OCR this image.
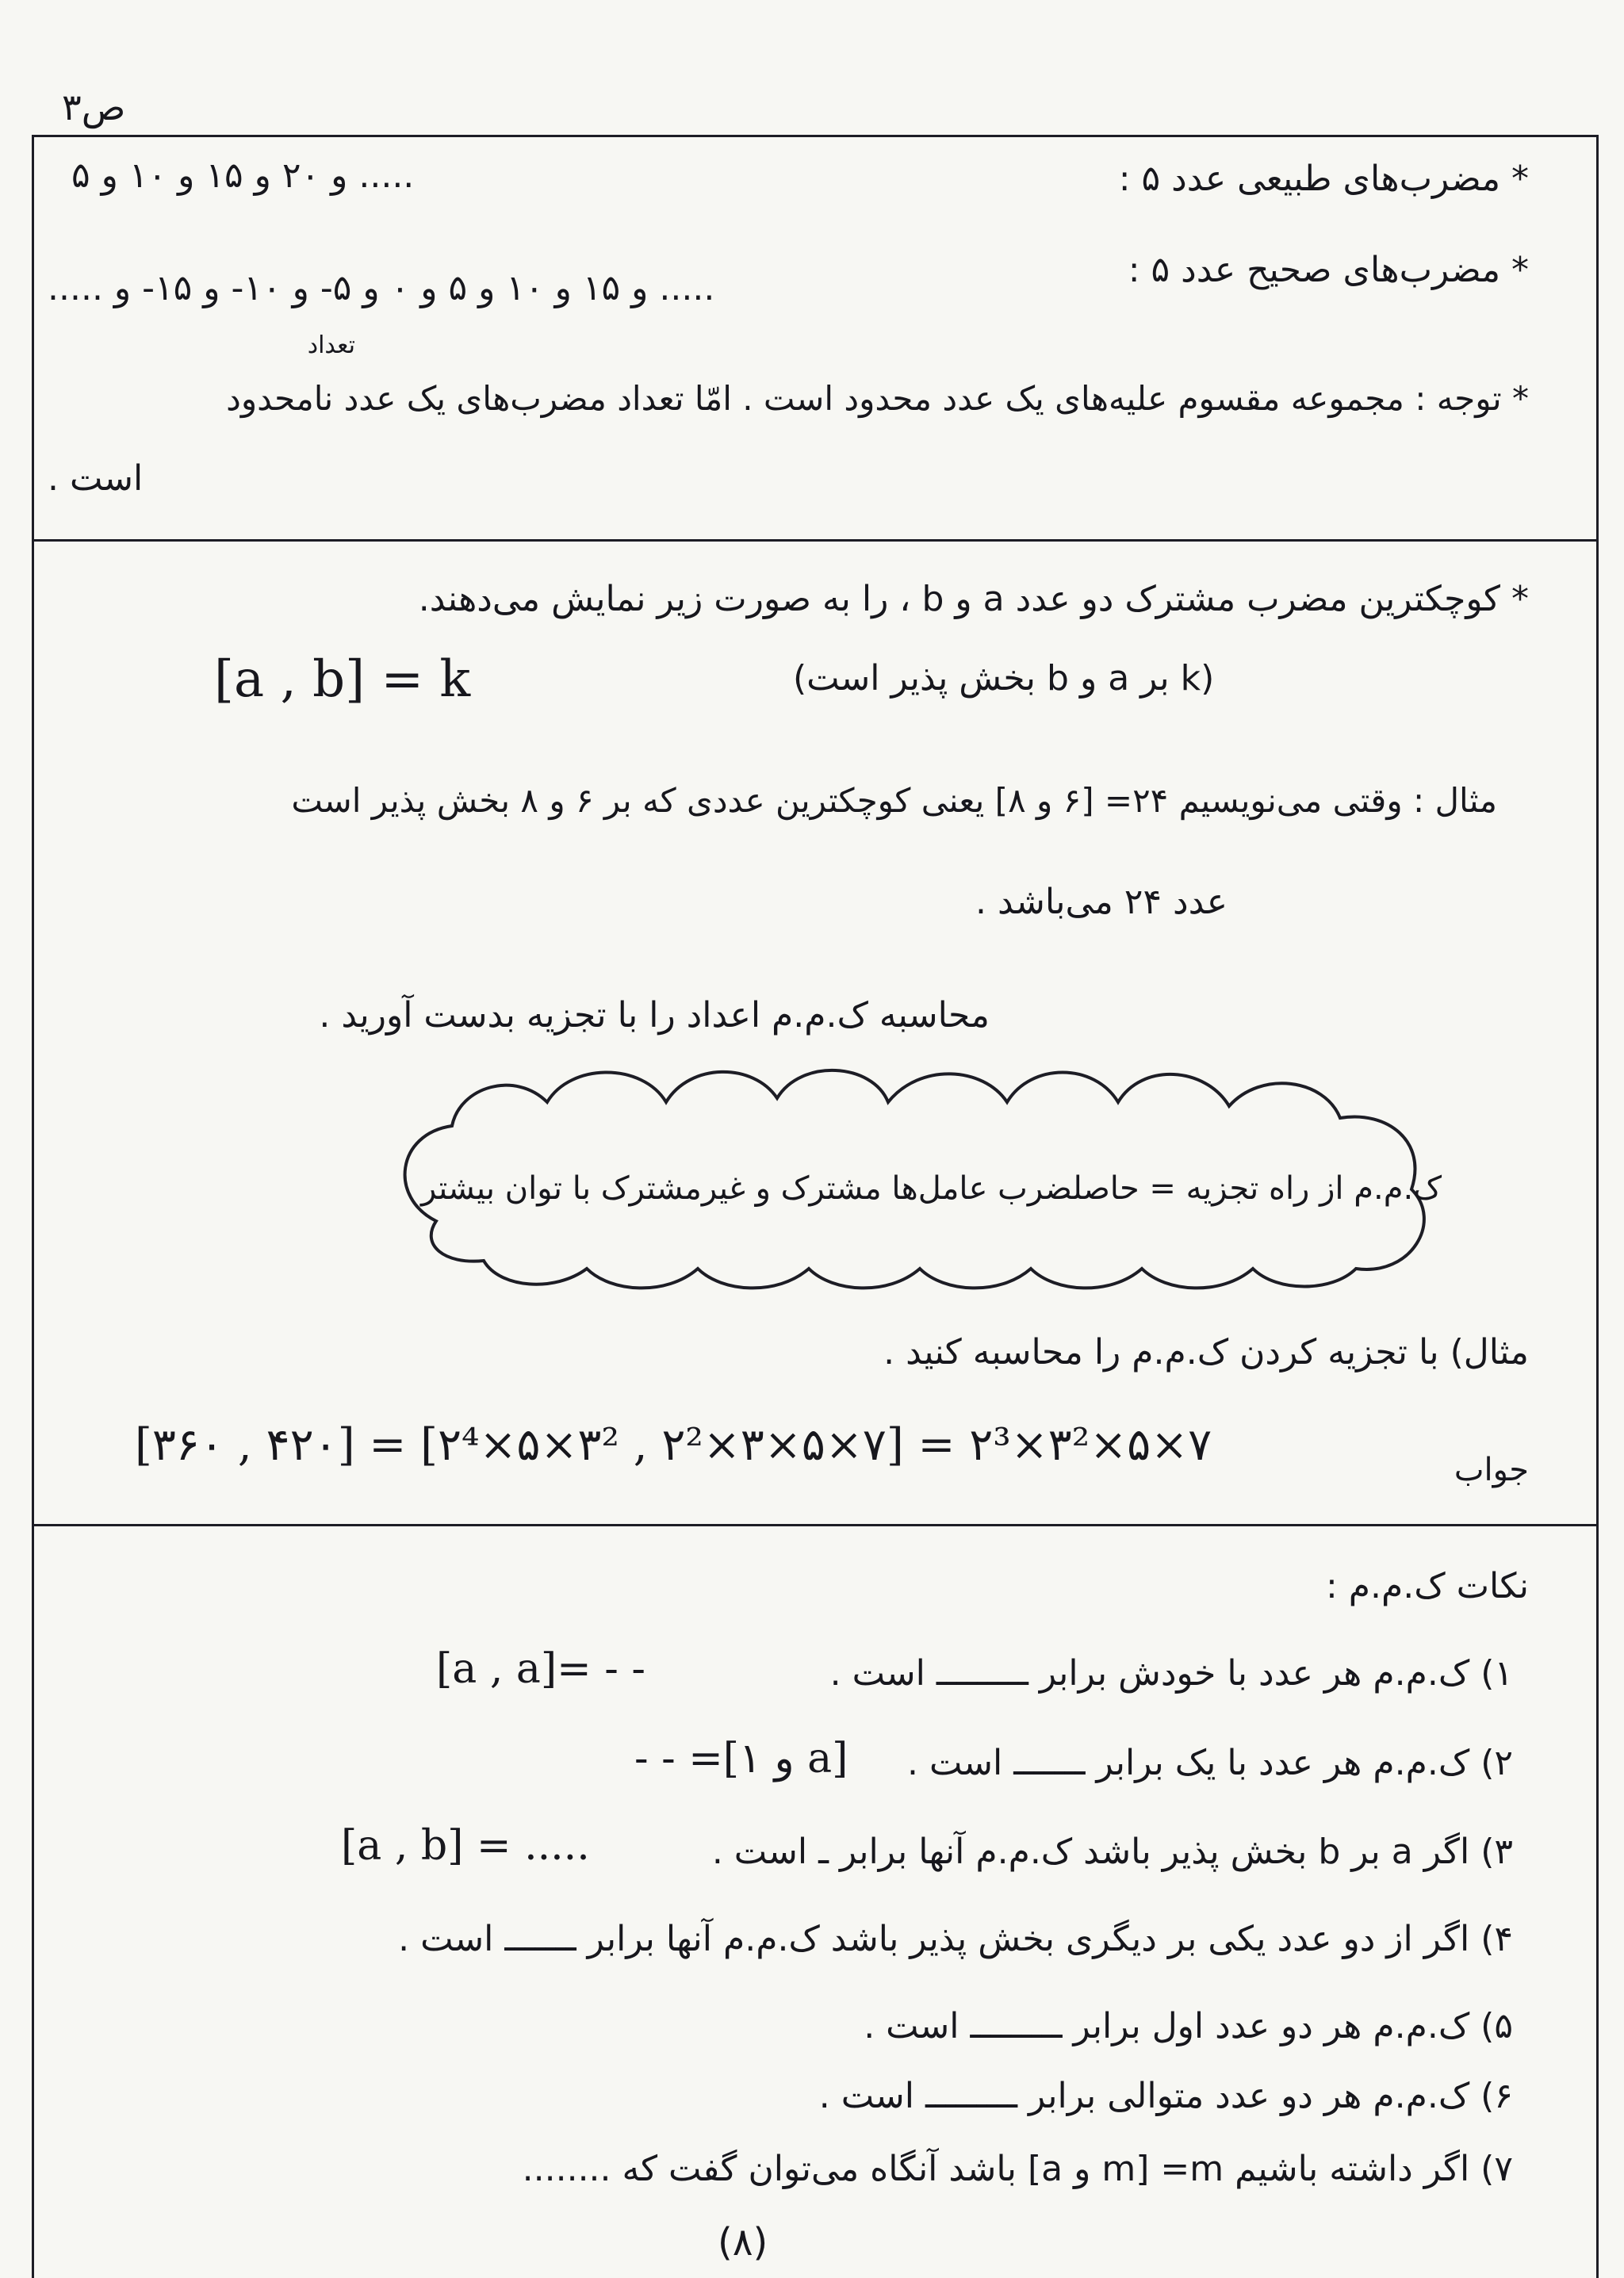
ص۳
* مضرب‌های طبیعی عدد ۵ :
..... و ۲۰ و ۱۵ و ۱۰ و ۵
* مضرب‌های صحیح عدد ۵ :
..... و ۱۵ و ۱۰ و ۵ و ۰ و ۵- و ۱۰- و ۱۵- و .....
تعداد
* توجه : مجموعه مقسوم علیه‌های یک عدد محدود است . امّا تعداد مضرب‌های یک عدد نامحدود
است .
* کوچکترین مضرب مشترک دو عدد a و b ، را به صورت زیر نمایش می‌دهند.
[a , b] = k	(k بر a و b بخش پذیر است)
مثال : وقتی می‌نویسیم ۲۴= [۶ و ۸] یعنی کوچکترین عددی که بر ۶ و ۸ بخش پذیر است
عدد ۲۴ می‌باشد .
محاسبه ک.م.م اعداد را با تجزیه بدست آورید .
ک.م.م از راه تجزیه = حاصلضرب عامل‌ها مشترک و غیرمشترک با توان بیشتر
مثال) با تجزیه کردن ک.م.م را محاسبه کنید .
جواب
[۳۶۰ , ۴۲۰] = [۲⁴×۵×۳² , ۲²×۳×۵×۷] = ۲³×۳²×۵×۷
نکات ک.م.م :
۱) ک.م.م هر عدد با خودش برابر ـــــــــ است .
[a , a]= - -
۲) ک.م.م هر عدد با یک برابر ـــــــ است .
- - =[۱ و a]
۳) اگر a بر b بخش پذیر باشد ک.م.م آنها برابر ـ است .
[a , b] = .....
۴) اگر از دو عدد یکی بر دیگری بخش پذیر باشد ک.م.م آنها برابر ـــــــ است .
۵) ک.م.م هر دو عدد اول برابر ـــــــــ است .
۶) ک.م.م هر دو عدد متوالی برابر ـــــــــ است .
۷) اگر داشته باشیم m= [m و a] باشد آنگاه می‌توان گفت که ........
(۸)
